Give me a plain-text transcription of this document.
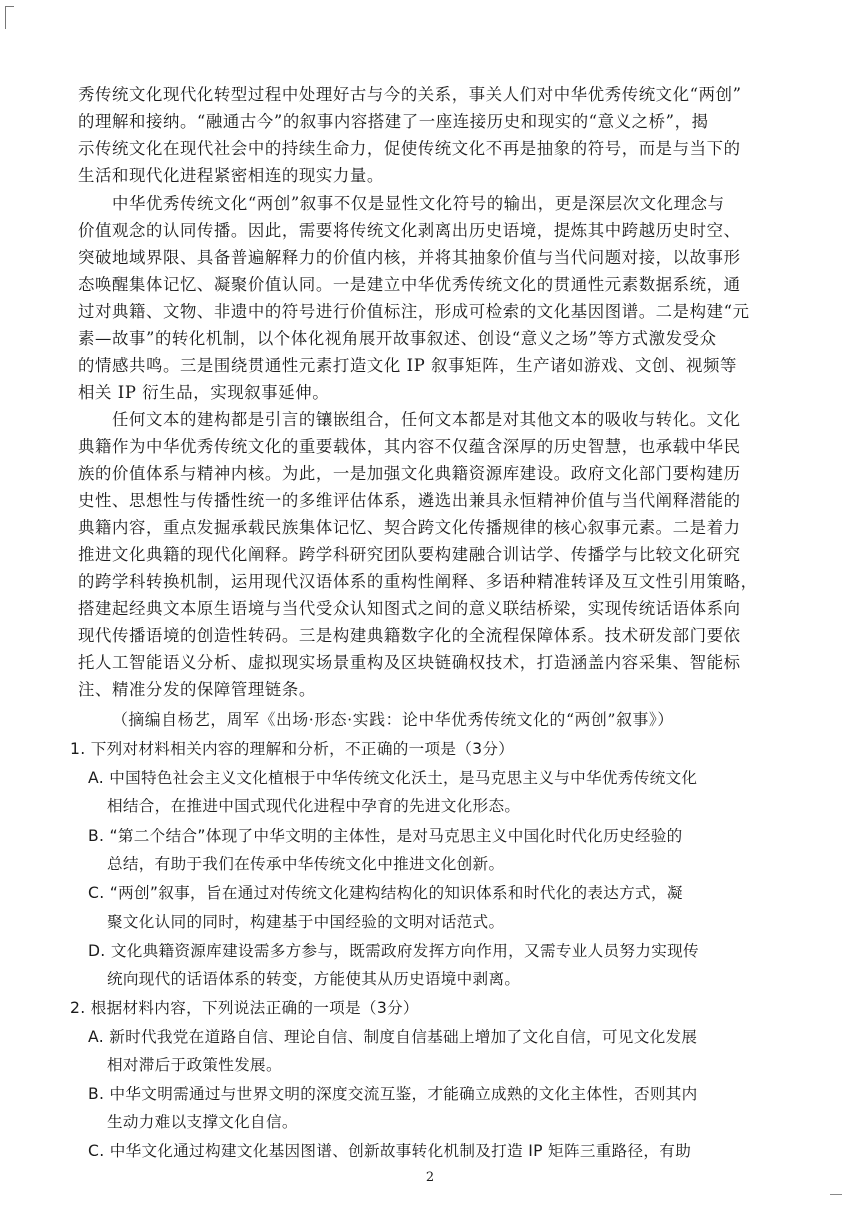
秀传统文化现代化转型过程中处理好古与今的关系，事关人们对中华优秀传统文化“两创”
的理解和接纳。“融通古今”的叙事内容搭建了一座连接历史和现实的“意义之桥”，揭
示传统文化在现代社会中的持续生命力，促使传统文化不再是抽象的符号，而是与当下的
生活和现代化进程紧密相连的现实力量。
中华优秀传统文化“两创”叙事不仅是显性文化符号的输出，更是深层次文化理念与
价值观念的认同传播。因此，需要将传统文化剥离出历史语境，提炼其中跨越历史时空、
突破地域界限、具备普遍解释力的价值内核，并将其抽象价值与当代问题对接，以故事形
态唤醒集体记忆、凝聚价值认同。一是建立中华优秀传统文化的贯通性元素数据系统，通
过对典籍、文物、非遗中的符号进行价值标注，形成可检索的文化基因图谱。二是构建“元
素—故事”的转化机制，以个体化视角展开故事叙述、创设“意义之场”等方式激发受众
的情感共鸣。三是围绕贯通性元素打造文化 IP 叙事矩阵，生产诸如游戏、文创、视频等
相关 IP 衍生品，实现叙事延伸。
任何文本的建构都是引言的镶嵌组合，任何文本都是对其他文本的吸收与转化。文化
典籍作为中华优秀传统文化的重要载体，其内容不仅蕴含深厚的历史智慧，也承载中华民
族的价值体系与精神内核。为此，一是加强文化典籍资源库建设。政府文化部门要构建历
史性、思想性与传播性统一的多维评估体系，遴选出兼具永恒精神价值与当代阐释潜能的
典籍内容，重点发掘承载民族集体记忆、契合跨文化传播规律的核心叙事元素。二是着力
推进文化典籍的现代化阐释。跨学科研究团队要构建融合训诂学、传播学与比较文化研究
的跨学科转换机制，运用现代汉语体系的重构性阐释、多语种精准转译及互文性引用策略，
搭建起经典文本原生语境与当代受众认知图式之间的意义联结桥梁，实现传统话语体系向
现代传播语境的创造性转码。三是构建典籍数字化的全流程保障体系。技术研发部门要依
托人工智能语义分析、虚拟现实场景重构及区块链确权技术，打造涵盖内容采集、智能标
注、精准分发的保障管理链条。
（摘编自杨艺，周军《出场·形态·实践：论中华优秀传统文化的“两创”叙事》）
1. 下列对材料相关内容的理解和分析，不正确的一项是（3分）
A. 中国特色社会主义文化植根于中华传统文化沃土，是马克思主义与中华优秀传统文化
相结合，在推进中国式现代化进程中孕育的先进文化形态。
B. “第二个结合”体现了中华文明的主体性，是对马克思主义中国化时代化历史经验的
总结，有助于我们在传承中华传统文化中推进文化创新。
C. “两创”叙事，旨在通过对传统文化建构结构化的知识体系和时代化的表达方式，凝
聚文化认同的同时，构建基于中国经验的文明对话范式。
D. 文化典籍资源库建设需多方参与，既需政府发挥方向作用，又需专业人员努力实现传
统向现代的话语体系的转变，方能使其从历史语境中剥离。
2. 根据材料内容，下列说法正确的一项是（3分）
A. 新时代我党在道路自信、理论自信、制度自信基础上增加了文化自信，可见文化发展
相对滞后于政策性发展。
B. 中华文明需通过与世界文明的深度交流互鉴，才能确立成熟的文化主体性，否则其内
生动力难以支撑文化自信。
C. 中华文化通过构建文化基因图谱、创新故事转化机制及打造 IP 矩阵三重路径，有助
2
